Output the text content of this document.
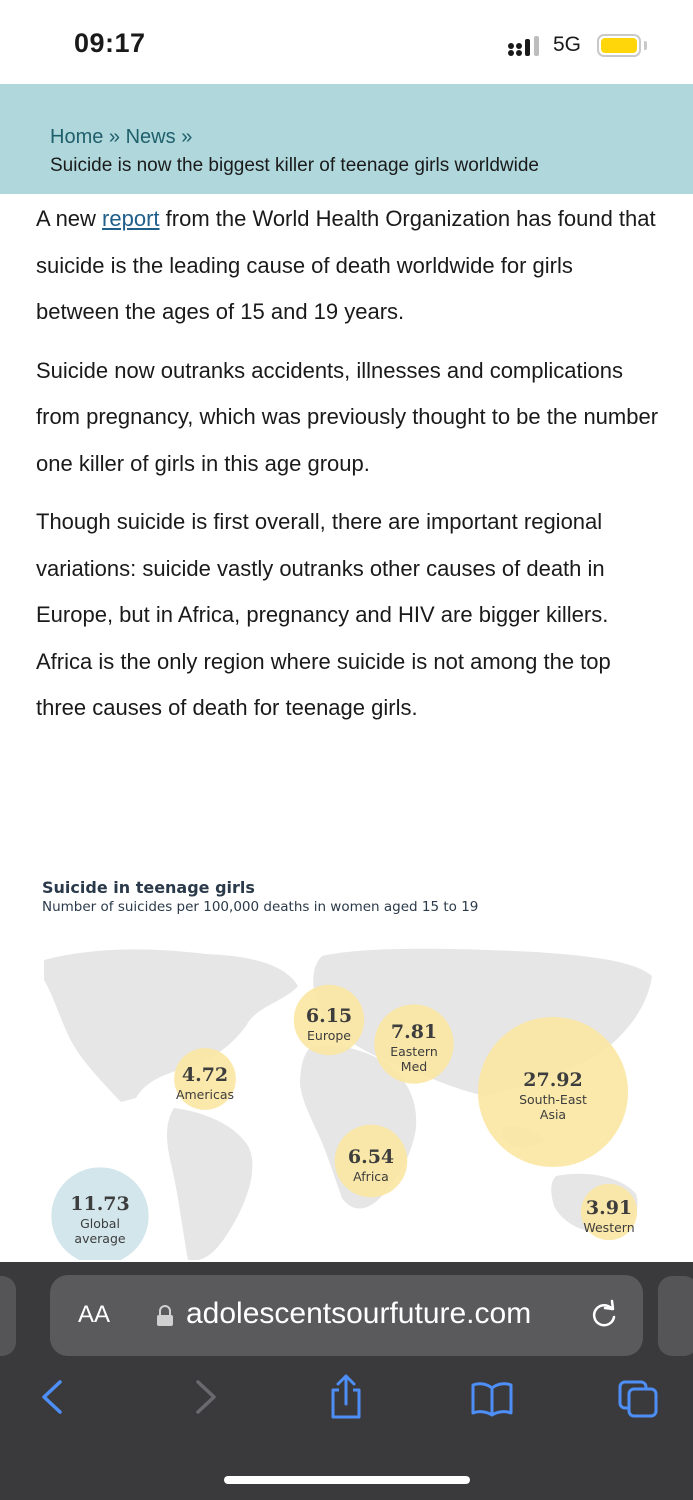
09:17	5G
Home » News »
Suicide is now the biggest killer of teenage girls worldwide

A new report from the World Health Organization has found that suicide is the leading cause of death worldwide for girls between the ages of 15 and 19 years.

Suicide now outranks accidents, illnesses and complications from pregnancy, which was previously thought to be the number one killer of girls in this age group.

Though suicide is first overall, there are important regional variations: suicide vastly outranks other causes of death in Europe, but in Africa, pregnancy and HIV are bigger killers. Africa is the only region where suicide is not among the top three causes of death for teenage girls.

4.72
Americas
6.15
Europe 7.81
Eastern
Med
27.92
South-East
Asia
6.54
Africa
3.91
Western
11.73
Global
average
Suicide in teenage girls
Number of suicides per 100,000 deaths in women aged 15 to 19
AA	adolescentsourfuture.com
